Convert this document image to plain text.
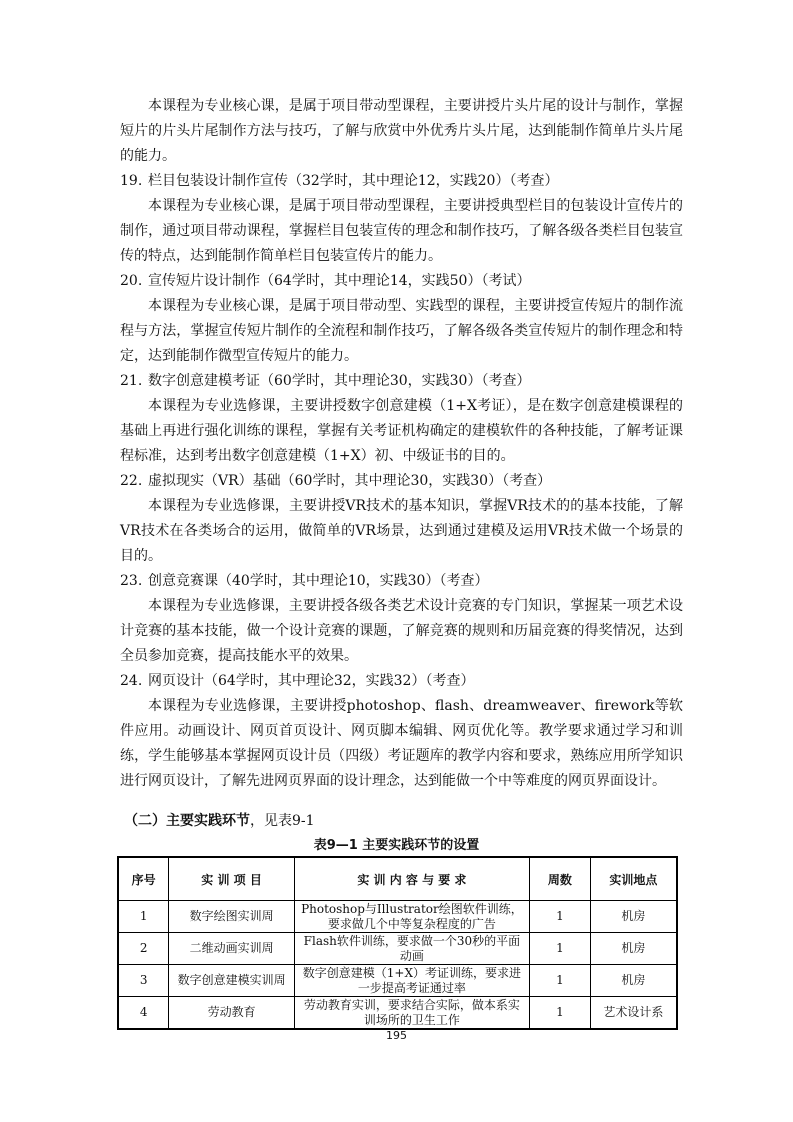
本课程为专业核心课，是属于项目带动型课程，主要讲授片头片尾的设计与制作，掌握短片的片头片尾制作方法与技巧，了解与欣赏中外优秀片头片尾，达到能制作简单片头片尾的能力。

19. 栏目包装设计制作宣传（32学时，其中理论12，实践20）（考查）

本课程为专业核心课，是属于项目带动型课程，主要讲授典型栏目的包装设计宣传片的制作，通过项目带动课程，掌握栏目包装宣传的理念和制作技巧，了解各级各类栏目包装宣传的特点，达到能制作简单栏目包装宣传片的能力。

20. 宣传短片设计制作（64学时，其中理论14，实践50）（考试）

本课程为专业核心课，是属于项目带动型、实践型的课程，主要讲授宣传短片的制作流程与方法，掌握宣传短片制作的全流程和制作技巧，了解各级各类宣传短片的制作理念和特定，达到能制作微型宣传短片的能力。

21. 数字创意建模考证（60学时，其中理论30，实践30）（考查）

本课程为专业选修课，主要讲授数字创意建模（1+X考证），是在数字创意建模课程的基础上再进行强化训练的课程，掌握有关考证机构确定的建模软件的各种技能，了解考证课程标准，达到考出数字创意建模（1+X）初、中级证书的目的。

22. 虚拟现实（VR）基础（60学时，其中理论30，实践30）（考查）

本课程为专业选修课，主要讲授VR技术的基本知识，掌握VR技术的的基本技能，了解VR技术在各类场合的运用，做简单的VR场景，达到通过建模及运用VR技术做一个场景的目的。

23. 创意竞赛课（40学时，其中理论10，实践30）（考查）

本课程为专业选修课，主要讲授各级各类艺术设计竞赛的专门知识，掌握某一项艺术设计竞赛的基本技能，做一个设计竞赛的课题，了解竞赛的规则和历届竞赛的得奖情况，达到全员参加竞赛，提高技能水平的效果。

24. 网页设计（64学时，其中理论32，实践32）（考查）

本课程为专业选修课，主要讲授photoshop、flash、dreamweaver、firework等软件应用。动画设计、网页首页设计、网页脚本编辑、网页优化等。教学要求通过学习和训练，学生能够基本掌握网页设计员（四级）考证题库的教学内容和要求，熟练应用所学知识进行网页设计，了解先进网页界面的设计理念，达到能做一个中等难度的网页界面设计。

（二）主要实践环节，见表9-1
表9—1 主要实践环节的设置
序号	实 训 项 目	实 训 内 容 与 要 求	周数	实训地点
1	数字绘图实训周	Photoshop与Illustrator绘图软件训练，要求做几个中等复杂程度的广告	1	机房
2	二维动画实训周	Flash软件训练，要求做一个30秒的平面动画	1	机房
3	数字创意建模实训周	数字创意建模（1+X）考证训练，要求进一步提高考证通过率	1	机房
4	劳动教育	劳动教育实训，要求结合实际，做本系实训场所的卫生工作	1	艺术设计系
195
